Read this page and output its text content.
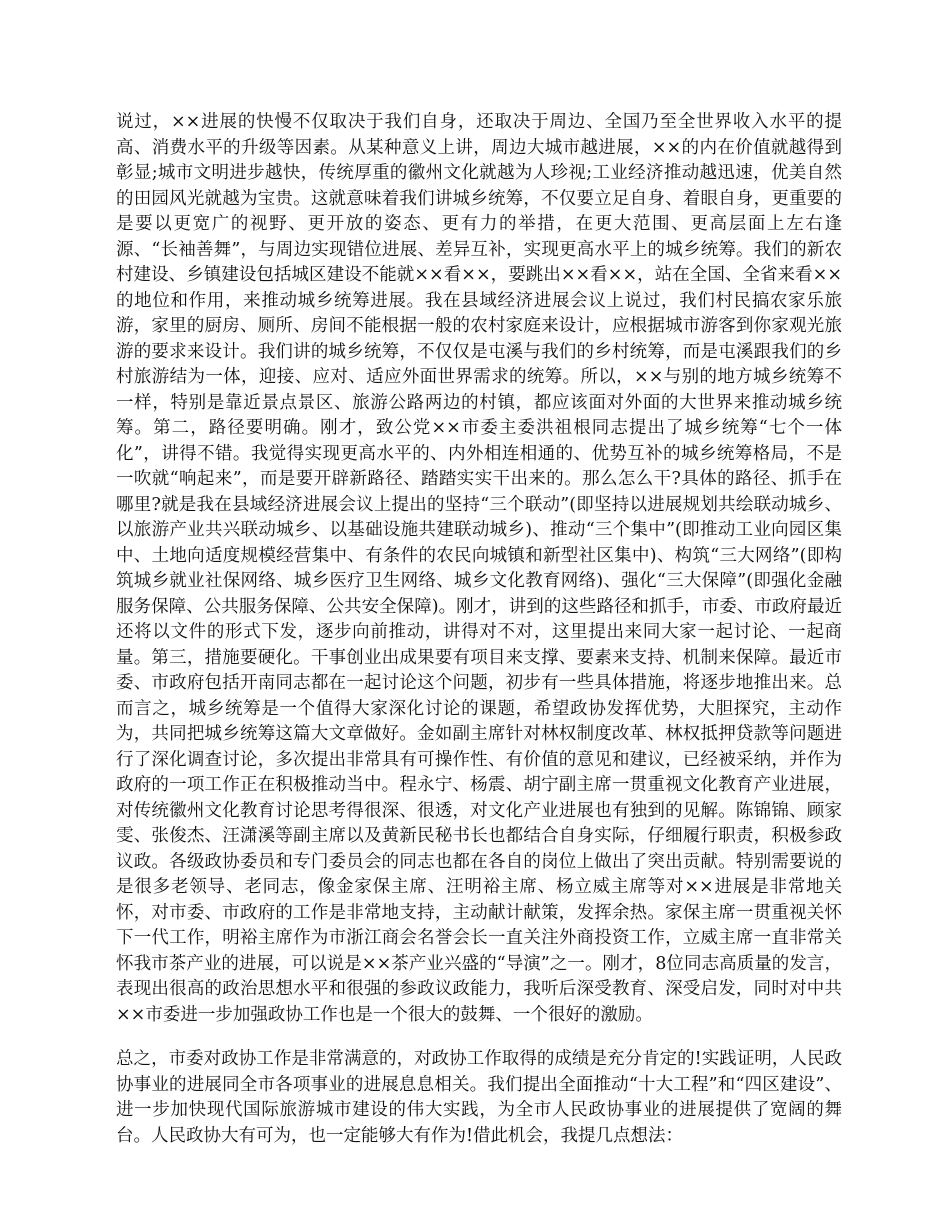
说过，××进展的快慢不仅取决于我们自身，还取决于周边、全国乃至全世界收入水平的提高、消费水平的升级等因素。从某种意义上讲，周边大城市越进展，××的内在价值就越得到彰显;城市文明进步越快，传统厚重的徽州文化就越为人珍视;工业经济推动越迅速，优美自然的田园风光就越为宝贵。这就意味着我们讲城乡统筹，不仅要立足自身、着眼自身，更重要的是要以更宽广的视野、更开放的姿态、更有力的举措，在更大范围、更高层面上左右逢源、“长袖善舞”，与周边实现错位进展、差异互补，实现更高水平上的城乡统筹。我们的新农村建设、乡镇建设包括城区建设不能就××看××，要跳出××看××，站在全国、全省来看××的地位和作用，来推动城乡统筹进展。我在县域经济进展会议上说过，我们村民搞农家乐旅游，家里的厨房、厕所、房间不能根据一般的农村家庭来设计，应根据城市游客到你家观光旅游的要求来设计。我们讲的城乡统筹，不仅仅是屯溪与我们的乡村统筹，而是屯溪跟我们的乡村旅游结为一体，迎接、应对、适应外面世界需求的统筹。所以，××与别的地方城乡统筹不一样，特别是靠近景点景区、旅游公路两边的村镇，都应该面对外面的大世界来推动城乡统筹。第二，路径要明确。刚才，致公党××市委主委洪祖根同志提出了城乡统筹“七个一体化”，讲得不错。我觉得实现更高水平的、内外相连相通的、优势互补的城乡统筹格局，不是一吹就“响起来”，而是要开辟新路径、踏踏实实干出来的。那么怎么干?具体的路径、抓手在哪里?就是我在县域经济进展会议上提出的坚持“三个联动”(即坚持以进展规划共绘联动城乡、以旅游产业共兴联动城乡、以基础设施共建联动城乡)、推动“三个集中”(即推动工业向园区集中、土地向适度规模经营集中、有条件的农民向城镇和新型社区集中)、构筑“三大网络”(即构筑城乡就业社保网络、城乡医疗卫生网络、城乡文化教育网络)、强化“三大保障”(即强化金融服务保障、公共服务保障、公共安全保障)。刚才，讲到的这些路径和抓手，市委、市政府最近还将以文件的形式下发，逐步向前推动，讲得对不对，这里提出来同大家一起讨论、一起商量。第三，措施要硬化。干事创业出成果要有项目来支撑、要素来支持、机制来保障。最近市委、市政府包括开南同志都在一起讨论这个问题，初步有一些具体措施，将逐步地推出来。总而言之，城乡统筹是一个值得大家深化讨论的课题，希望政协发挥优势，大胆探究，主动作为，共同把城乡统筹这篇大文章做好。金如副主席针对林权制度改革、林权抵押贷款等问题进行了深化调查讨论，多次提出非常具有可操作性、有价值的意见和建议，已经被采纳，并作为政府的一项工作正在积极推动当中。程永宁、杨震、胡宁副主席一贯重视文化教育产业进展，对传统徽州文化教育讨论思考得很深、很透，对文化产业进展也有独到的见解。陈锦锦、顾家雯、张俊杰、汪潇溪等副主席以及黄新民秘书长也都结合自身实际，仔细履行职责，积极参政议政。各级政协委员和专门委员会的同志也都在各自的岗位上做出了突出贡献。特别需要说的是很多老领导、老同志，像金家保主席、汪明裕主席、杨立威主席等对××进展是非常地关怀，对市委、市政府的工作是非常地支持，主动献计献策，发挥余热。家保主席一贯重视关怀下一代工作，明裕主席作为市浙江商会名誉会长一直关注外商投资工作，立威主席一直非常关怀我市茶产业的进展，可以说是××茶产业兴盛的“导演”之一。刚才，8位同志高质量的发言，表现出很高的政治思想水平和很强的参政议政能力，我听后深受教育、深受启发，同时对中共××市委进一步加强政协工作也是一个很大的鼓舞、一个很好的激励。

总之，市委对政协工作是非常满意的，对政协工作取得的成绩是充分肯定的!实践证明，人民政协事业的进展同全市各项事业的进展息息相关。我们提出全面推动“十大工程”和“四区建设”、进一步加快现代国际旅游城市建设的伟大实践，为全市人民政协事业的进展提供了宽阔的舞台。人民政协大有可为，也一定能够大有作为!借此机会，我提几点想法：
